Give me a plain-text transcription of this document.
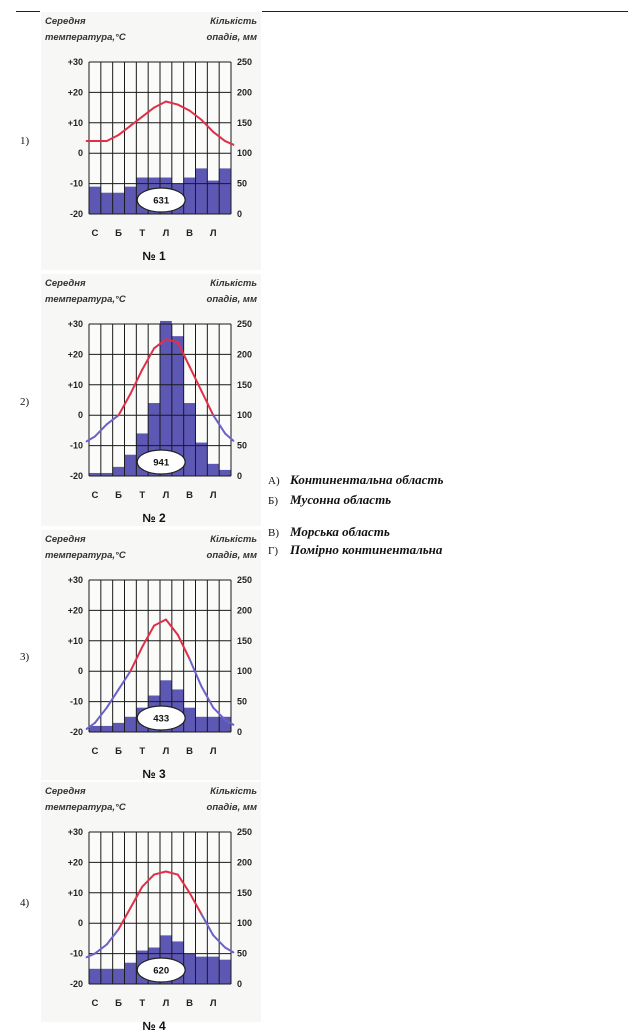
1)
2)
3)
4)
Середня температура,°С
Кількість опадів, мм
+30
+20
+10
0
-10
-20
250
200
150
100
50
0
С Б Т Л В Л
631
№ 1
Середня температура,°С
Кількість опадів, мм
+30
+20
+10
0
-10
-20
250
200
150
100
50
0
С Б Т Л В Л
941
№ 2
Середня температура,°С
Кількість опадів, мм
+30
+20
+10
0
-10
-20
250
200
150
100
50
0
С Б Т Л В Л
433
№ 3
Середня температура,°С
Кількість опадів, мм
+30
+20
+10
0
-10
-20
250
200
150
100
50
0
С Б Т Л В Л
620
№ 4
А) Континентальна область
Б) Мусонна область
В) Морська область
Г) Помірно континентальна
